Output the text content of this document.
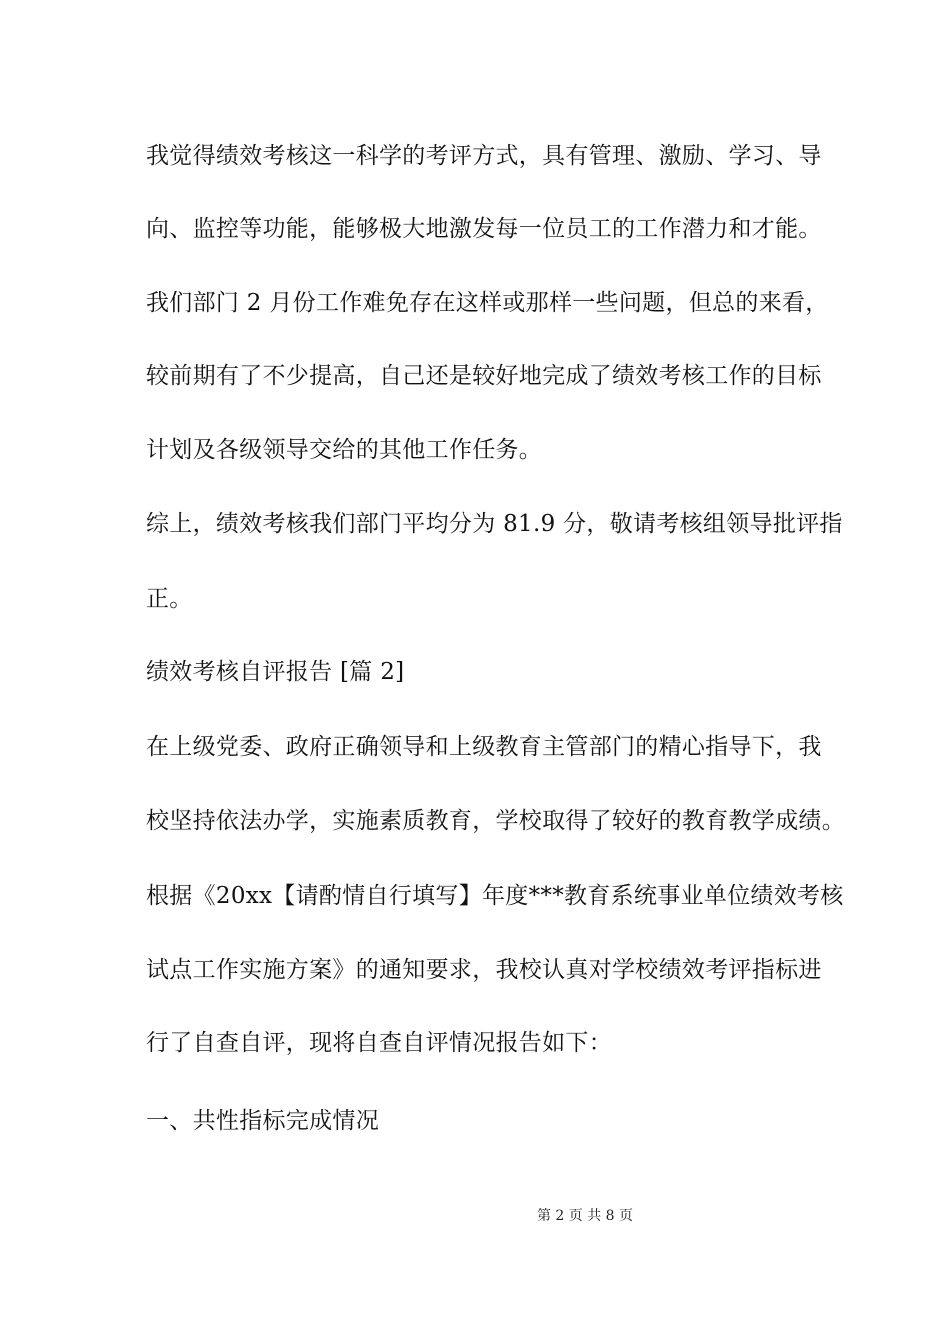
我觉得绩效考核这一科学的考评方式，具有管理、激励、学习、导
向、监控等功能，能够极大地激发每一位员工的工作潜力和才能。
我们部门 2 月份工作难免存在这样或那样一些问题，但总的来看，
较前期有了不少提高，自己还是较好地完成了绩效考核工作的目标
计划及各级领导交给的其他工作任务。
综上，绩效考核我们部门平均分为 81.9 分，敬请考核组领导批评指
正。
绩效考核自评报告 [篇 2]
在上级党委、政府正确领导和上级教育主管部门的精心指导下，我
校坚持依法办学，实施素质教育，学校取得了较好的教育教学成绩。
根据《20xx【请酌情自行填写】年度***教育系统事业单位绩效考核
试点工作实施方案》的通知要求，我校认真对学校绩效考评指标进
行了自查自评，现将自查自评情况报告如下：
一、共性指标完成情况
第 2 页 共 8 页
